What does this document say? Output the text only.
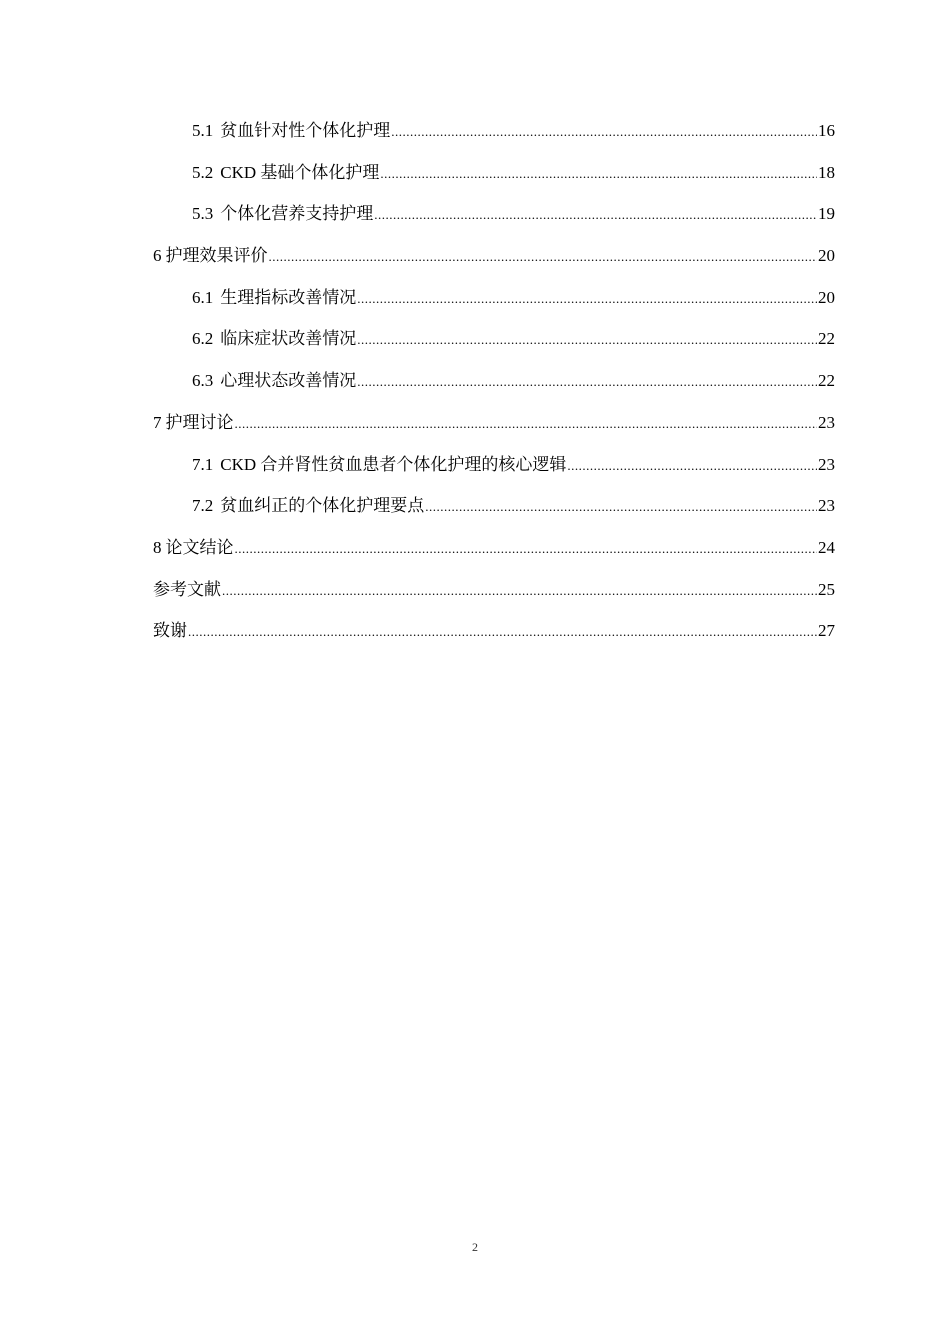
5.1 贫血针对性个体化护理 .....	16
5.2 CKD 基础个体化护理 .....	18
5.3 个体化营养支持护理 .....	19
6 护理效果评价 .....	20
6.1 生理指标改善情况 .....	20
6.2 临床症状改善情况 .....	22
6.3 心理状态改善情况 .....	22
7 护理讨论 .....	23
7.1 CKD 合并肾性贫血患者个体化护理的核心逻辑 .....	23
7.2 贫血纠正的个体化护理要点 .....	23
8 论文结论 .....	24
参考文献 .....	25
致谢 .....	27
2
